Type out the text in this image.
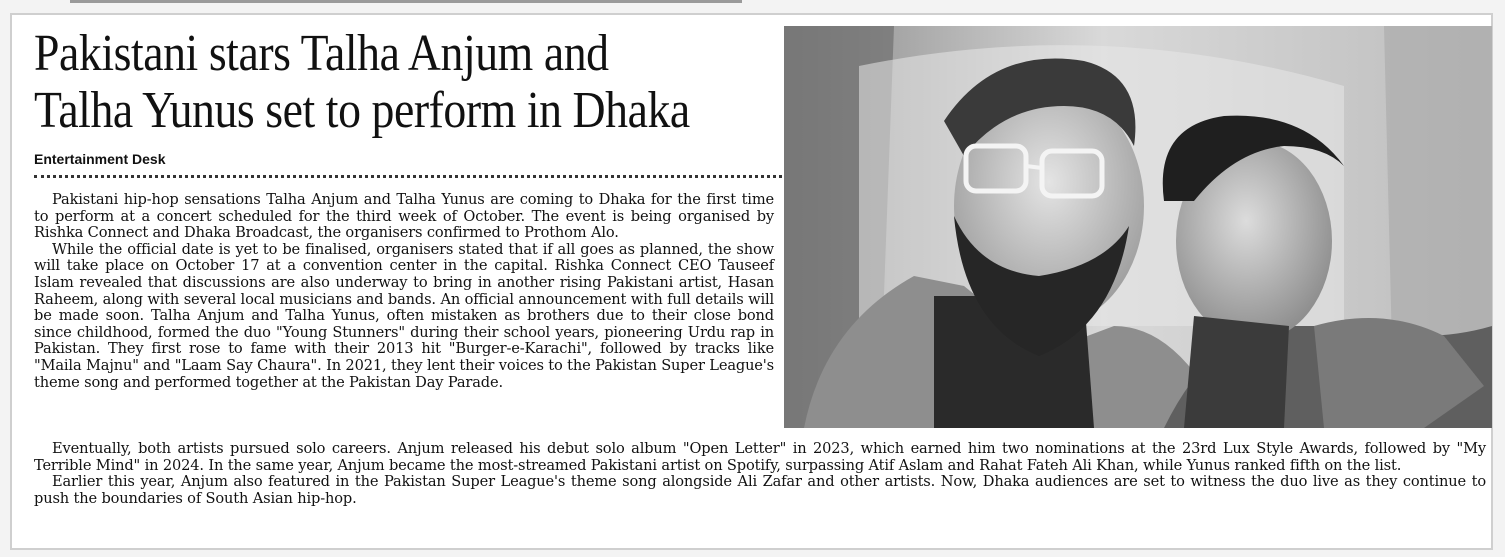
Pakistani stars Talha Anjum and
Talha Yunus set to perform in Dhaka
Entertainment Desk

Pakistani hip-hop sensations Talha Anjum and Talha Yunus are coming to Dhaka for the first time to perform at a concert scheduled for the third week of October. The event is being organised by Rishka Connect and Dhaka Broadcast, the organisers confirmed to Prothom Alo.

While the official date is yet to be finalised, organisers stated that if all goes as planned, the show will take place on October 17 at a convention center in the capital. Rishka Connect CEO Tauseef Islam revealed that discussions are also underway to bring in another rising Pakistani artist, Hasan Raheem, along with several local musicians and bands. An official announcement with full details will be made soon. Talha Anjum and Talha Yunus, often mistaken as brothers due to their close bond since childhood, formed the duo "Young Stunners" during their school years, pioneering Urdu rap in Pakistan. They first rose to fame with their 2013 hit "Burger-e-Karachi", followed by tracks like "Maila Majnu" and "Laam Say Chaura". In 2021, they lent their voices to the Pakistan Super League's theme song and performed together at the Pakistan Day Parade.

Eventually, both artists pursued solo careers. Anjum released his debut solo album "Open Letter" in 2023, which earned him two nominations at the 23rd Lux Style Awards, followed by "My Terrible Mind" in 2024. In the same year, Anjum became the most-streamed Pakistani artist on Spotify, surpassing Atif Aslam and Rahat Fateh Ali Khan, while Yunus ranked fifth on the list.

Earlier this year, Anjum also featured in the Pakistan Super League's theme song alongside Ali Zafar and other artists. Now, Dhaka audiences are set to witness the duo live as they continue to push the boundaries of South Asian hip-hop.
